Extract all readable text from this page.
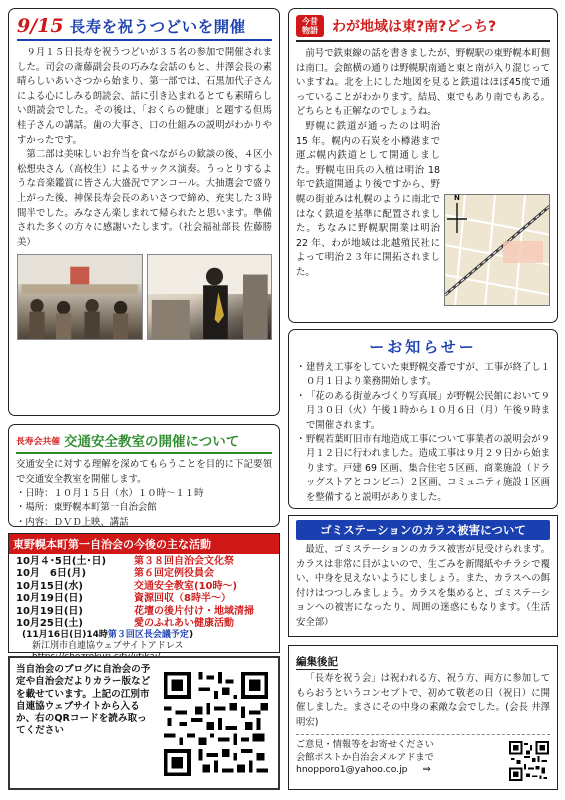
9/15 長寿を祝うつどいを開催

９月１５日長寿を祝うつどいが３５名の参加で開催されました。司会の斎藤副会長の巧みな会話のもと、井澤会長の素晴らしいあいさつから始まり、第一部では、石黒加代子さんによる心にしみる朗読会、話に引き込まれるとても素晴らしい朗読会でした。その後は、「おくらの健康」と題する但馬桂子さんの講話。歯の大事さ、口の仕組みの説明がわかりやすかったです。

第二部は美味しいお弁当を食べながらの歓談の後、４区小松想央さん（高校生）によるサックス演奏。うっとりするような音楽鑑賞に皆さん大盛況でアンコール。大抽選会で盛り上がった後、神保長寿会長のあいさつで締め、充実した３時間半でした。みなさん楽しまれて帰られたと思います。準備された多くの方々に感謝いたします。（社会福祉部長 佐藤勝美）

今昔物語	わが地域は東?南?どっち?

前号で鉄東線の話を書きましたが、野幌駅の東野幌本町側は南口。会館横の通りは野幌駅南通と東と南が入り混じっていますね。北を上にした地図を見ると鉄道はほぼ45度で通っていることがわかります。結局、東でもあり南でもある。どちらとも正解なのでしょうね。

野幌に鉄道が通ったのは明治 15 年。幌内の石炭を小樽港まで運ぶ幌内鉄道として開通しました。野幌屯田兵の入植は明治 18 年で鉄道開通より後ですから、野幌の街並みは札幌のように南北ではなく鉄道を基準に配置されました。ちなみに野幌駅開業は明治 22 年、わが地域は北越殖民社によって明治２３年に開拓されました。

N
ーお知らせー
・ 建替え工事をしていた東野幌交番ですが、工事が終了し１０月１日より業務開始します。
・ 「花のある街並みづくり写真展」が野幌公民館において９月３０日（火）午後１時から１０月６日（月）午後９時まで開催されます。
・ 野幌若葉町旧市有地造成工事について事業者の説明会が９月１２日に行われました。造成工事は９月２９日から始まります。戸建 69 区画、集合住宅５区画、商業施設（ドラッグストアとコンビニ）２区画、コミュニティ施設１区画を整備すると説明がありました。
長寿会共催 交通安全教室の開催について

交通安全に対する理解を深めてもらうことを目的に下記要領で交通安全教室を開催します。

・日時：１０月１５日（水）１０時～１１時
・場所：東野幌本町第一自治会館
・内容：ＤＶＤ上映、講話
ゴミステーションのカラス被害について

最近、ゴミステーションのカラス被害が見受けられます。カラスは非常に目がよいので、生ごみを新聞紙やチラシで覆い、中身を見えないようにしましょう。また、カラスへの餌付けはつつしみましょう。カラスを集めると、ゴミステーションへの被害になったり、周囲の迷惑にもなります。（生活安全部）

東野幌本町第一自治会の今後の主な活動
10月４･5日(土･日)	第３８回自治会文化祭
10月　6日(月)	第６回定例役員会
10月15日(水)	交通安全教室(10時～)
10月19日(日)	資源回収（8時半～）
10月19日(日)	花壇の後片付け・地域清掃
10月25日(土)	愛のふれあい健康活動
(11月16日(日)14時第３回区長会議予定)
新江別市自連協ウェブサイトアドレス
当自治会のブログに自治会の予定や自治会だよりカラー版などを載せています。上記の江別市自連協ウェブサイトから入るか、右のQRコードを読み取ってください
編集後記

「長寿を祝う会」は祝われる方、祝う方、両方に参加してもらおうというコンセプトで、初めて敬老の日（祝日）に開催しました。まさにその中身の素敵な会でした。(会長 井澤明宏)

ご意見・情報等をお寄せください
会館ポストか自治会メルアドまで
hnopporo1@yahoo.co.jp ⇒
